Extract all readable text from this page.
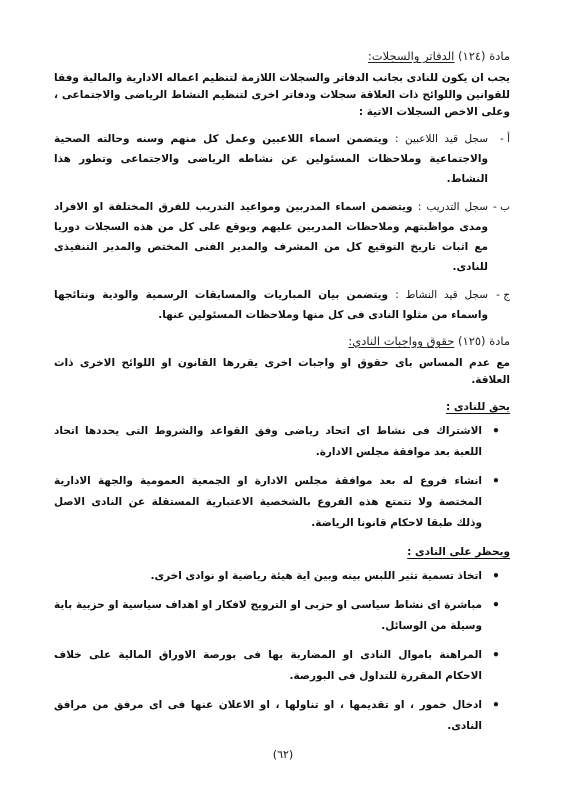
مادة (١٢٤) الدفاتر والسجلات:

يجب ان يكون للنادى بجانب الدفاتر والسجلات اللازمة لتنظيم اعماله الادارية والمالية وفقا للقوانين واللوائح ذات العلاقة سجلات ودفاتر اخرى لتنظيم النشاط الرياضى والاجتماعى ، وعلى الاخص السجلات الاتية :

أ -
سجل قيد اللاعبين : ويتضمن اسماء اللاعبين وعمل كل منهم وسنه وحالته الصحية والاجتماعية وملاحظات المسئولين عن نشاطه الرياضى والاجتماعى وتطور هذا النشاط.
ب -
سجل التدريب : ويتضمن اسماء المدربين ومواعيد التدريب للفرق المختلفة او الافراد ومدى مواظبتهم وملاحظات المدربين عليهم ويوقع على كل من هذه السجلات دوريا مع اثبات تاريخ التوقيع كل من المشرف والمدير الفنى المختص والمدير التنفيذى للنادى.
ج -
سجل قيد النشاط : ويتضمن بيان المباريات والمسابقات الرسمية والودية ونتائجها واسماء من مثلوا النادى فى كل منها وملاحظات المسئولين عنها.
مادة (١٢٥) حقوق وواجبات النادي:

مع عدم المساس باى حقوق او واجبات اخرى يقررها القانون او اللوائح الاخرى ذات العلاقة.

يحق للنادى :
•
الاشتراك فى نشاط اى اتحاد رياضى وفق القواعد والشروط التى يحددها اتحاد اللعبة بعد موافقة مجلس الادارة.
•
انشاء فروع له بعد موافقة مجلس الادارة او الجمعية العمومية والجهة الادارية المختصة ولا تتمتع هذه الفروع بالشخصية الاعتبارية المستقلة عن النادى الاصل وذلك طبقا لاحكام قانونا الرياضة.
ويحظر على النادى :
•
اتخاذ تسمية تثير اللبس بينه وبين اية هيئة رياضية او نوادى اخرى.
•
مباشرة اى نشاط سياسى او حزبى او الترويج لافكار او اهداف سياسية او حزبية باية وسيلة من الوسائل.
•
المراهنة باموال النادى او المضاربة بها فى بورصة الاوراق المالية على خلاف الاحكام المقررة للتداول فى البورصة.
•
ادخال خمور ، او تقديمها ، او تناولها ، او الاعلان عنها فى اى مرفق من مرافق النادى.
(٦٢)
